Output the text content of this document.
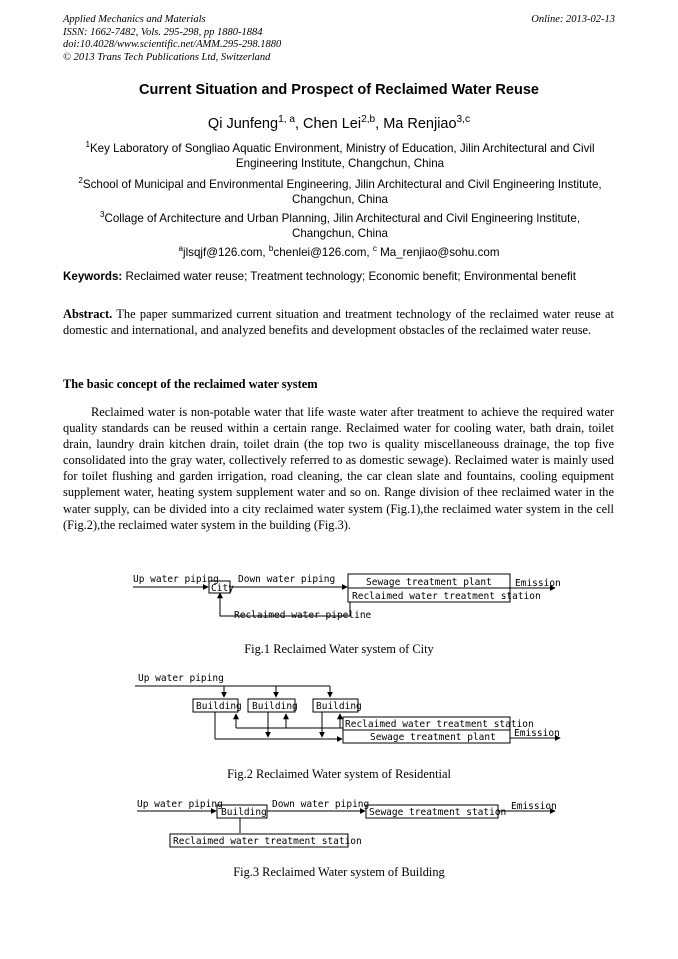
Applied Mechanics and Materials
ISSN: 1662-7482, Vols. 295-298, pp 1880-1884
doi:10.4028/www.scientific.net/AMM.295-298.1880
© 2013 Trans Tech Publications Ltd, Switzerland
Online: 2013-02-13
Current Situation and Prospect of Reclaimed Water Reuse
Qi Junfeng$^{1, a}$, Chen Lei$^{2,b}$, Ma Renjiao$^{3,c}$
$^1$Key Laboratory of Songliao Aquatic Environment, Ministry of Education, Jilin Architectural and Civil Engineering Institute, Changchun, China
$^2$School of Municipal and Environmental Engineering, Jilin Architectural and Civil Engineering Institute, Changchun, China
$^3$Collage of Architecture and Urban Planning, Jilin Architectural and Civil Engineering Institute, Changchun, China
$^a$jlsqjf@126.com, $^b$chenlei@126.com, $^c$ Ma_renjiao@sohu.com
Keywords: Reclaimed water reuse; Treatment technology; Economic benefit; Environmental benefit
Abstract. The paper summarized current situation and treatment technology of the reclaimed water reuse at domestic and international, and analyzed benefits and development obstacles of the reclaimed water reuse.
The basic concept of the reclaimed water system
Reclaimed water is non-potable water that life waste water after treatment to achieve the required water quality standards can be reused within a certain range. Reclaimed water for cooling water, bath drain, toilet drain, laundry drain kitchen drain, toilet drain (the top two is quality miscellaneouss drainage, the top five consolidated into the gray water, collectively referred to as domestic sewage). Reclaimed water is mainly used for toilet flushing and garden irrigation, road cleaning, the car clean slate and fountains, cooling equipment supplement water, heating system supplement water and so on. Range division of thee reclaimed water in the water supply, can be divided into a city reclaimed water system (Fig.1),the reclaimed water system in the cell (Fig.2),the reclaimed water system in the building (Fig.3).
Up water piping
City
Down water piping	Sewage treatment plant
Reclaimed water treatment station
Emission
Reclaimed water pipeline
Up water piping
Building Building Building
Reclaimed water treatment station
Sewage treatment plant Emission
Up water piping
Building
Down water piping
Sewage treatment station
Emission
Reclaimed water treatment station
Fig.1 Reclaimed Water system of City
Fig.2 Reclaimed Water system of Residential
Fig.3 Reclaimed Water system of Building
